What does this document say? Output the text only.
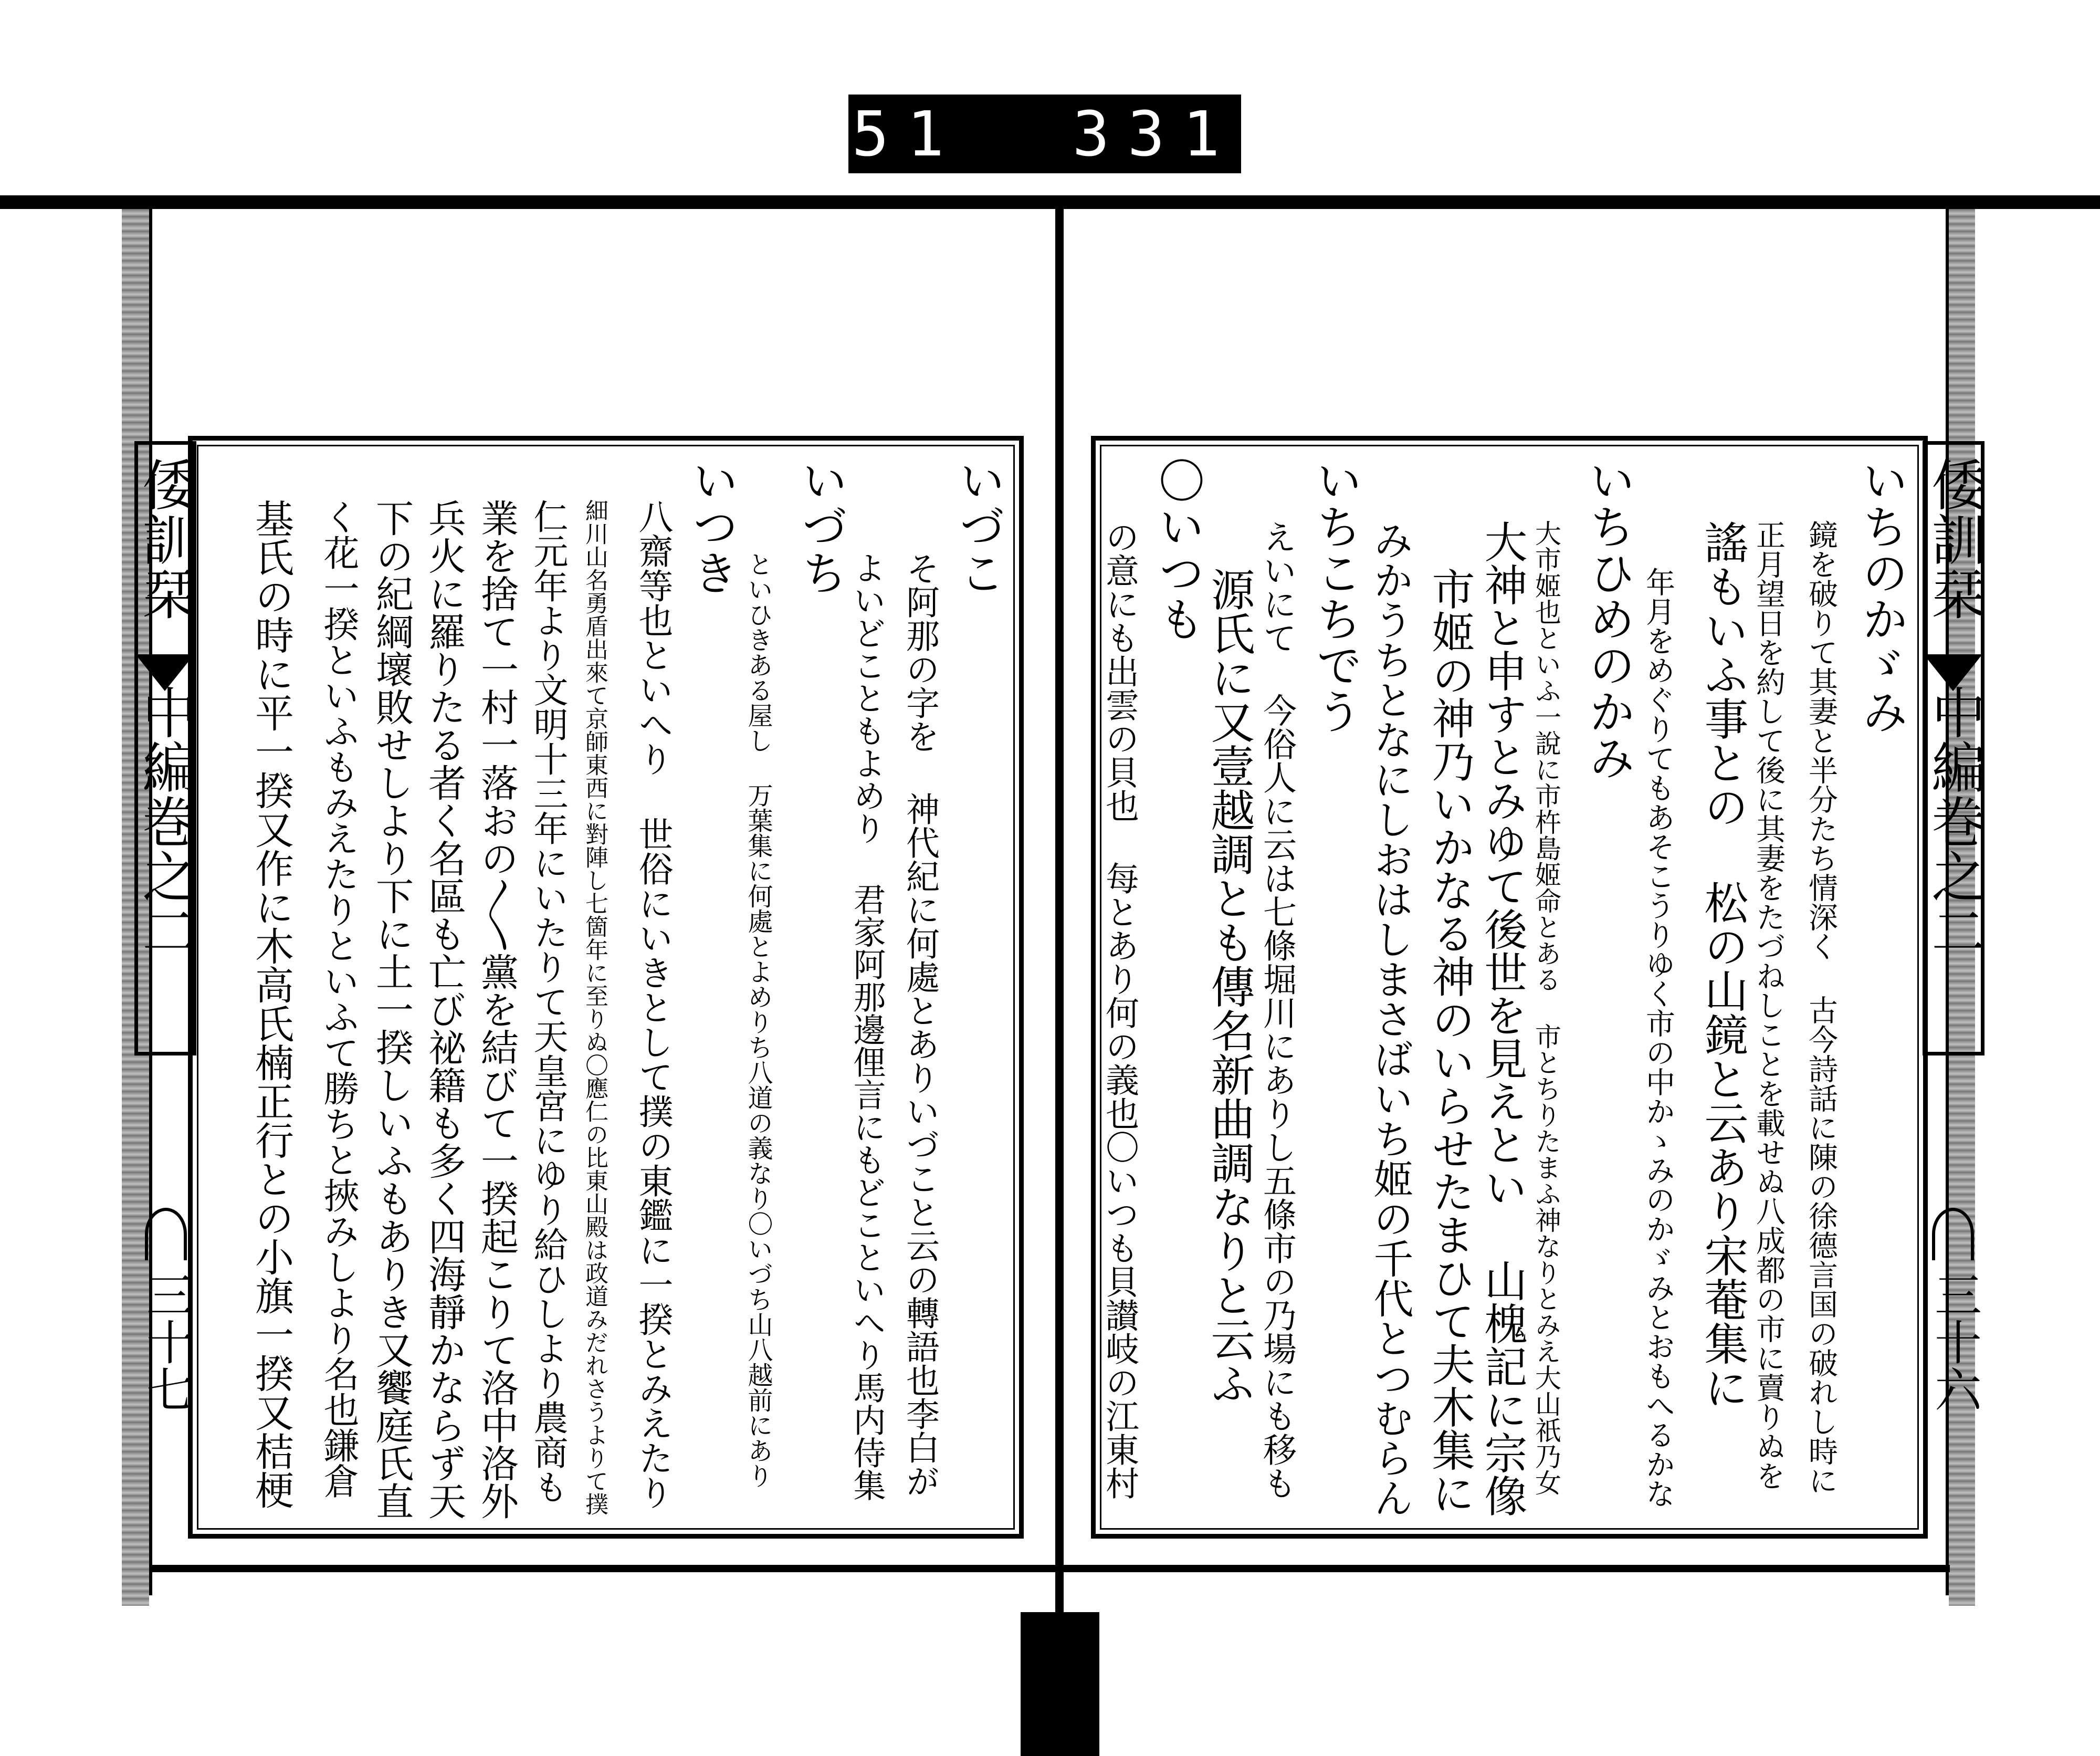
551  331.
倭訓栞 中編巻之二
三十七
いづこ
そ阿那の字を 神代紀に何處とありいづこと云の轉語也李白が
よいどこともよめり 君家阿那邊俚言にもどこといへり馬内侍集
いづち
といひきある屋し 万葉集に何處とよめりち八道の義なり〇いづち山八越前にあり
いつき
八齋等也といへり 世俗にいきとして撲の東鑑に一揆とみえたり
細川山名勇盾出來て京師東西に對陣し七箇年に至りぬ〇應仁の比東山殿は政道みだれさうよりて撲
仁元年より文明十三年にいたりて天皇宮にゆり給ひしより農商も
業を捨て一村一落おの〳〵黨を結びて一揆起こりて洛中洛外
兵火に羅りたる者く名區も亡び祕籍も多く四海靜かならず天
下の紀綱壞敗せしより下に土一揆しいふもありき又饗庭氏直
く花一揆といふもみえたりといふて勝ちと挾みしより名也鎌倉
基氏の時に平一揆又作に木高氏楠正行との小旗一揆又桔梗	倭訓栞 中編巻之二
三十六
いちのかゞみ
鏡を破りて其妻と半分たち情深く 古今詩話に陳の徐德言国の破れし時に
正月望日を約して後に其妻をたづねしことを載せぬ八成都の市に賣りぬを
謠もいふ事との 松の山鏡と云あり宋菴集に
年月をめぐりてもあそこうりゆく市の中かゝみのかゞみとおもへるかな
いちひめのかみ
大市姬也といふ一說に市杵島姬命とある 市とちりたまふ神なりとみえ大山祇乃女
大神と申すとみゆて後世を見えとい 山槐記に宗像
市姬の神乃いかなる神のいらせたまひて夫木集に
みかうちとなにしおはしまさばいち姬の千代とつむらん
いちこちでう
えいにて 今俗人に云は七條堀川にありし五條市の乃場にも移も
源氏に又壹越調とも傳名新曲調なりと云ふ
〇いつも
の意にも出雲の貝也 每とあり何の義也〇いつも貝讃岐の江東村
